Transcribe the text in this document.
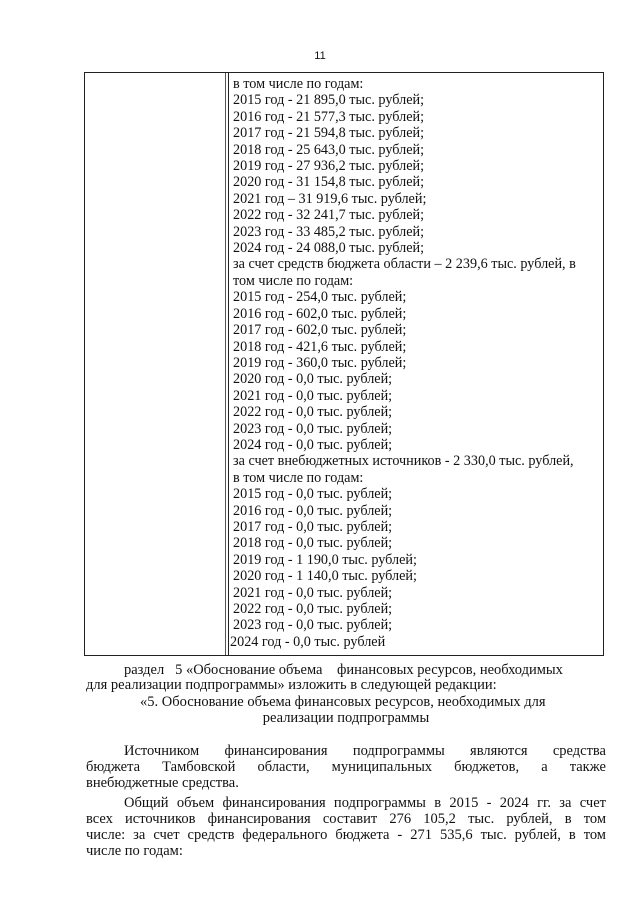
11
в том числе по годам:
2015 год - 21 895,0 тыс. рублей;
2016 год - 21 577,3 тыс. рублей;
2017 год - 21 594,8 тыс. рублей;
2018 год - 25 643,0 тыс. рублей;
2019 год - 27 936,2 тыс. рублей;
2020 год - 31 154,8 тыс. рублей;
2021 год – 31 919,6 тыс. рублей;
2022 год - 32 241,7 тыс. рублей;
2023 год - 33 485,2 тыс. рублей;
2024 год - 24 088,0 тыс. рублей;
за счет средств бюджета области – 2 239,6 тыс. рублей, в
том числе по годам:
2015 год - 254,0 тыс. рублей;
2016 год - 602,0 тыс. рублей;
2017 год - 602,0 тыс. рублей;
2018 год - 421,6 тыс. рублей;
2019 год - 360,0 тыс. рублей;
2020 год - 0,0 тыс. рублей;
2021 год - 0,0 тыс. рублей;
2022 год - 0,0 тыс. рублей;
2023 год - 0,0 тыс. рублей;
2024 год - 0,0 тыс. рублей;
за счет внебюджетных источников - 2 330,0 тыс. рублей,
в том числе по годам:
2015 год - 0,0 тыс. рублей;
2016 год - 0,0 тыс. рублей;
2017 год - 0,0 тыс. рублей;
2018 год - 0,0 тыс. рублей;
2019 год - 1 190,0 тыс. рублей;
2020 год - 1 140,0 тыс. рублей;
2021 год - 0,0 тыс. рублей;
2022 год - 0,0 тыс. рублей;
2023 год - 0,0 тыс. рублей;
2024 год - 0,0 тыс. рублей
раздел   5 «Обоснование объема    финансовых ресурсов, необходимых
для реализации подпрограммы» изложить в следующей редакции:
«5. Обоснование объема финансовых ресурсов, необходимых для
реализации подпрограммы
Источником финансирования подпрограммы являются средства
бюджета Тамбовской области, муниципальных бюджетов, а также
внебюджетные средства.
Общий объем финансирования подпрограммы в 2015 - 2024 гг. за счет
всех источников финансирования составит 276 105,2 тыс. рублей, в том
числе: за счет средств федерального бюджета - 271 535,6 тыс. рублей, в том
числе по годам:
